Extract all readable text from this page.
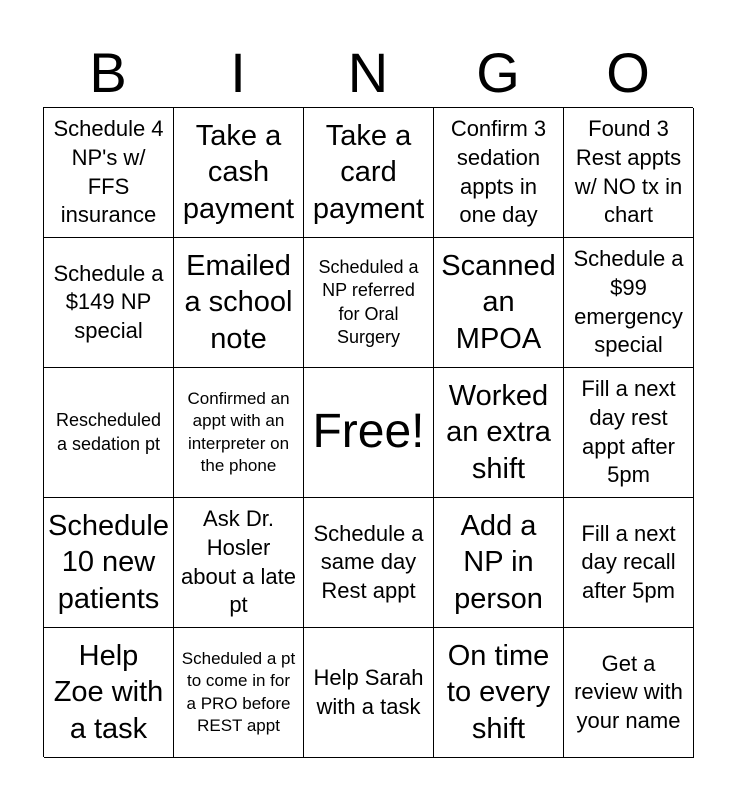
B	I	N	G	O
Schedule 4 NP's w/ FFS insurance
Take a cash payment
Take a card payment
Confirm 3 sedation appts in one day
Found 3 Rest appts w/ NO tx in chart
Schedule a $149 NP special
Emailed a school note
Scheduled a NP referred for Oral Surgery
Scanned an MPOA
Schedule a $99 emergency special
Rescheduled a sedation pt
Confirmed an appt with an interpreter on the phone
Free!
Worked an extra shift
Fill a next day rest appt after 5pm
Schedule 10 new patients
Ask Dr. Hosler about a late pt
Schedule a same day Rest appt
Add a NP in person
Fill a next day recall after 5pm
Help Zoe with a task
Scheduled a pt to come in for a PRO before REST appt
Help Sarah with a task
On time to every shift
Get a review with your name
